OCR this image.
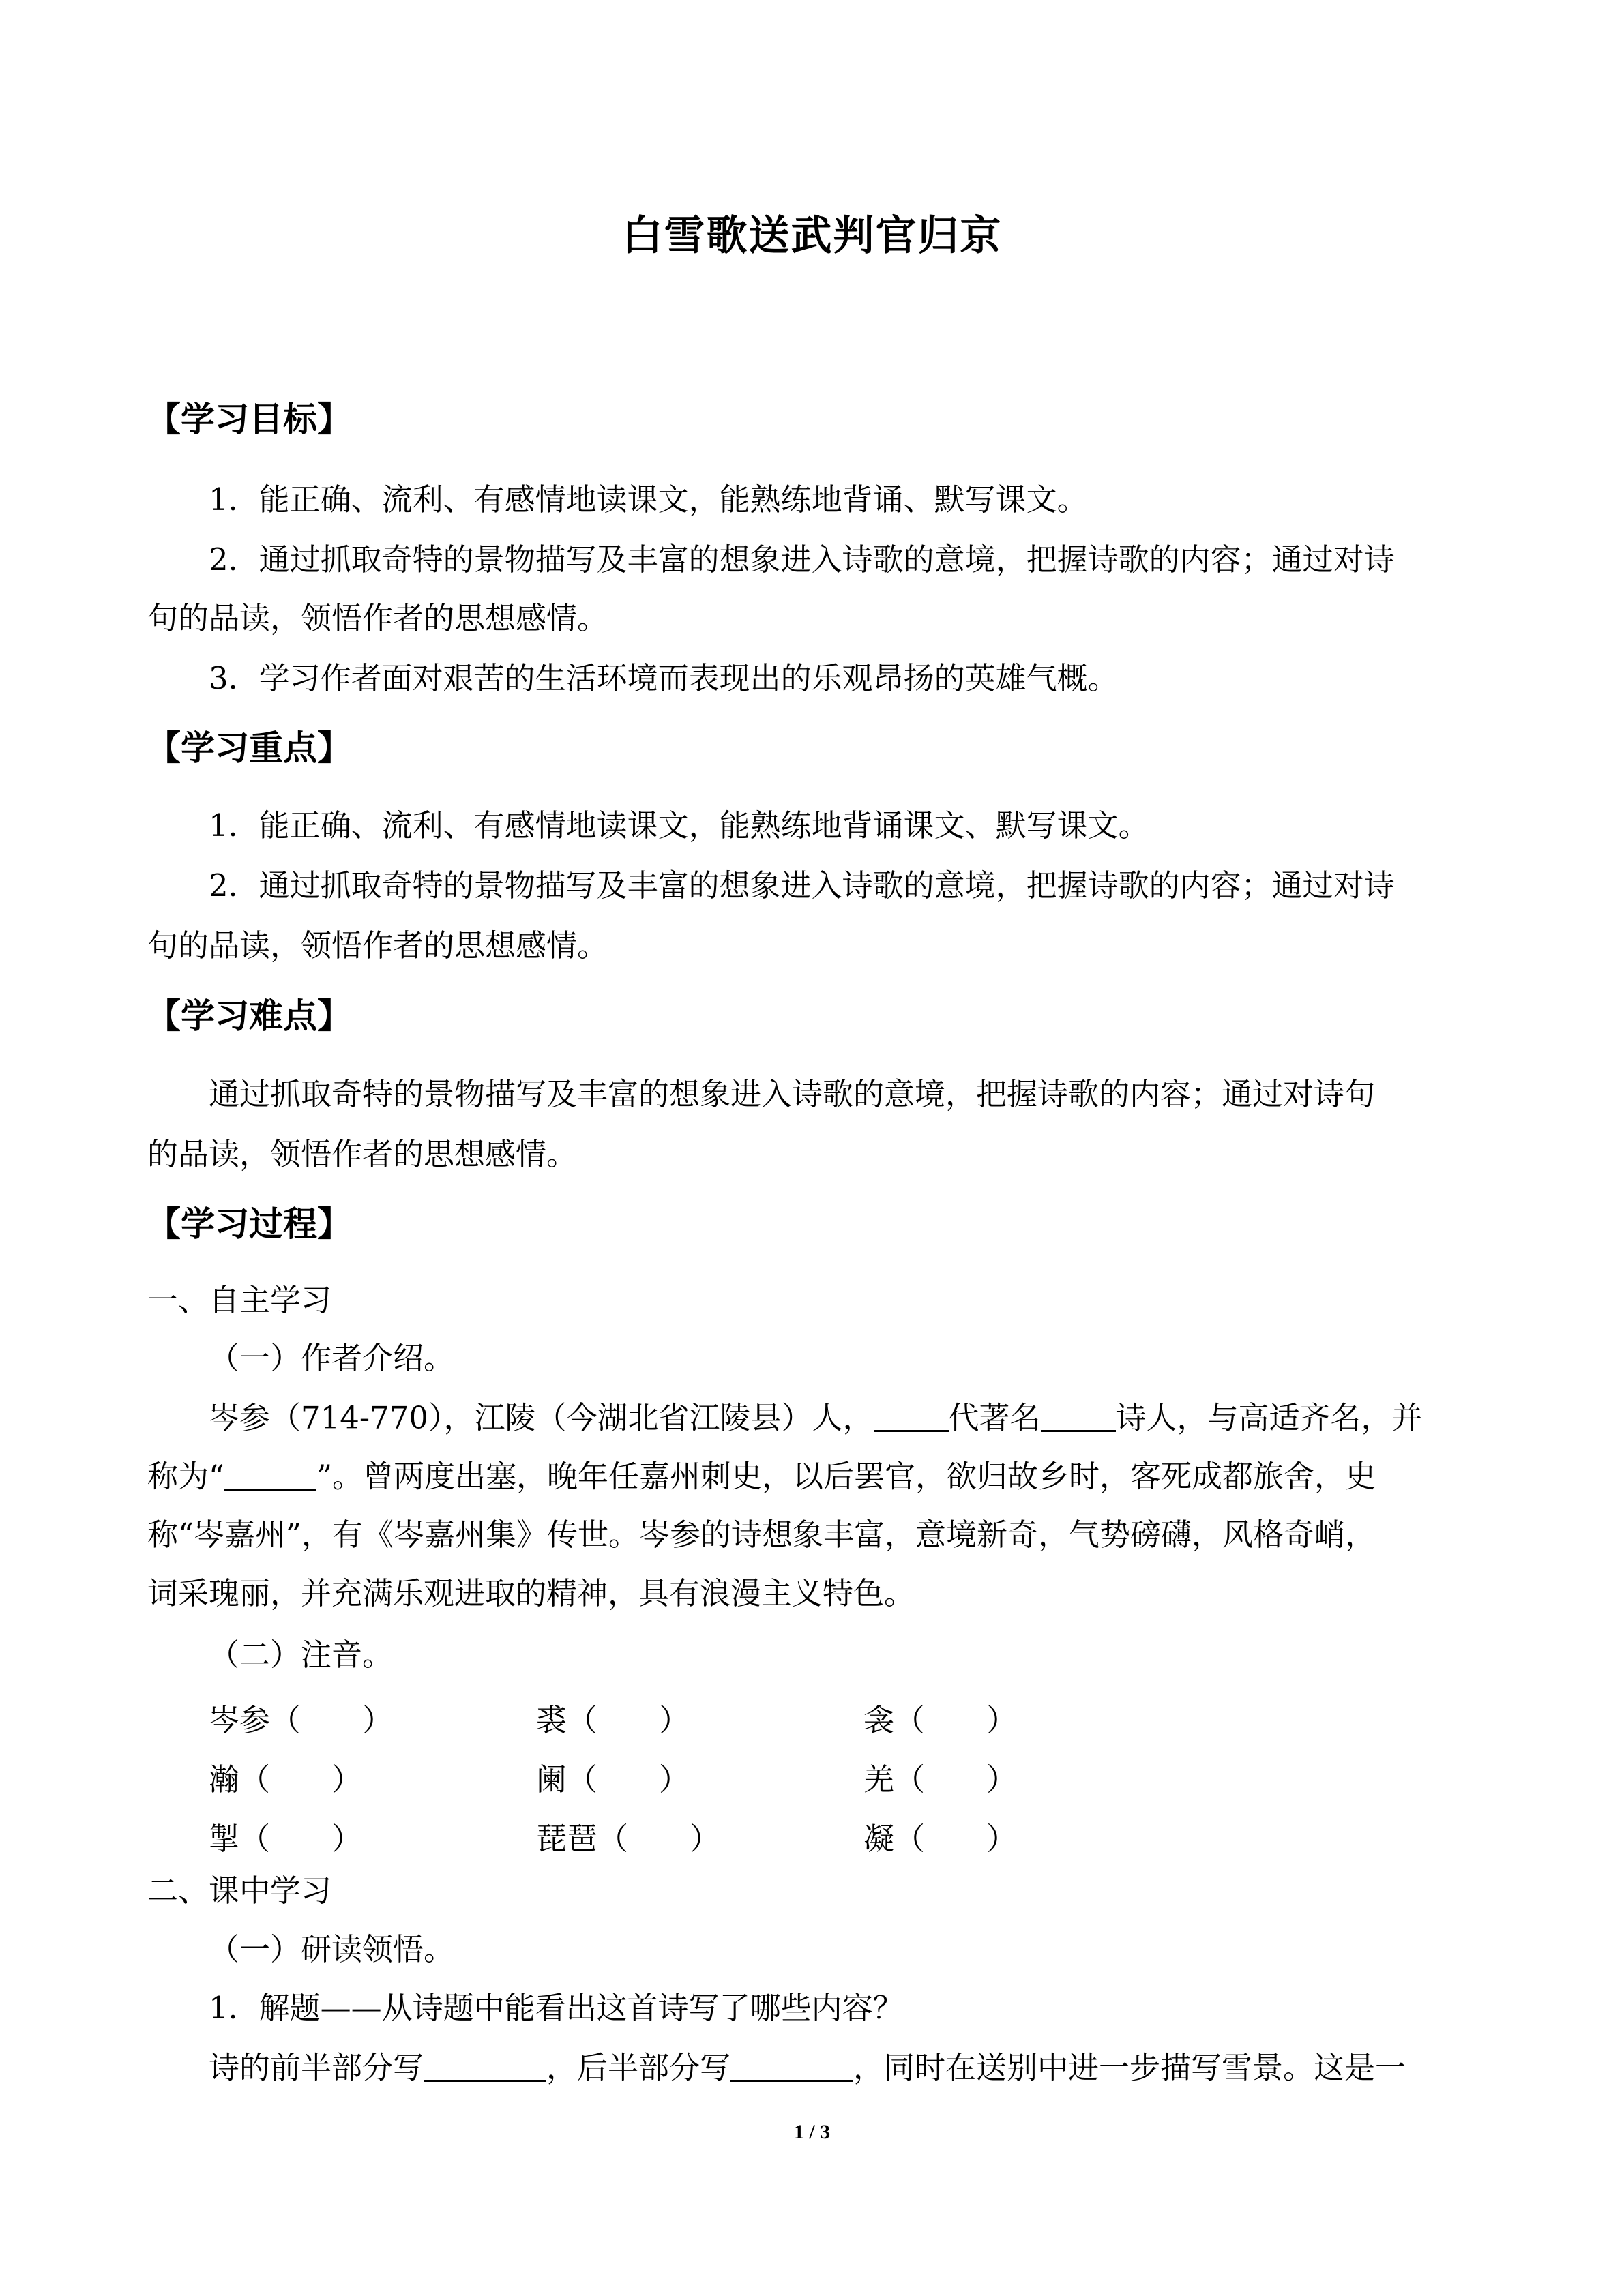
白雪歌送武判官归京
【学习目标】
1．能正确、流利、有感情地读课文，能熟练地背诵、默写课文。
2．通过抓取奇特的景物描写及丰富的想象进入诗歌的意境，把握诗歌的内容；通过对诗
句的品读，领悟作者的思想感情。
3．学习作者面对艰苦的生活环境而表现出的乐观昂扬的英雄气概。
【学习重点】
1．能正确、流利、有感情地读课文，能熟练地背诵课文、默写课文。
2．通过抓取奇特的景物描写及丰富的想象进入诗歌的意境，把握诗歌的内容；通过对诗
句的品读，领悟作者的思想感情。
【学习难点】
通过抓取奇特的景物描写及丰富的想象进入诗歌的意境，把握诗歌的内容；通过对诗句
的品读，领悟作者的思想感情。
【学习过程】
一、自主学习
（一）作者介绍。
岑参（714-770），江陵（今湖北省江陵县）人， 代著名 诗人，与高适齐名，并
称为“	”。曾两度出塞，晚年任嘉州刺史，以后罢官，欲归故乡时，客死成都旅舍，史
称“岑嘉州”，有《岑嘉州集》传世。岑参的诗想象丰富，意境新奇，气势磅礴，风格奇峭，
词采瑰丽，并充满乐观进取的精神，具有浪漫主义特色。
（二）注音。
岑参（　　）	裘（　　）	衾（　　）
瀚（　　）	阑（　　）	羌（　　）
掣（　　）	琵琶（　　）	凝（　　）
二、课中学习
（一）研读领悟。
1．解题——从诗题中能看出这首诗写了哪些内容？
诗的前半部分写	，后半部分写	，同时在送别中进一步描写雪景。这是一
1 / 3
